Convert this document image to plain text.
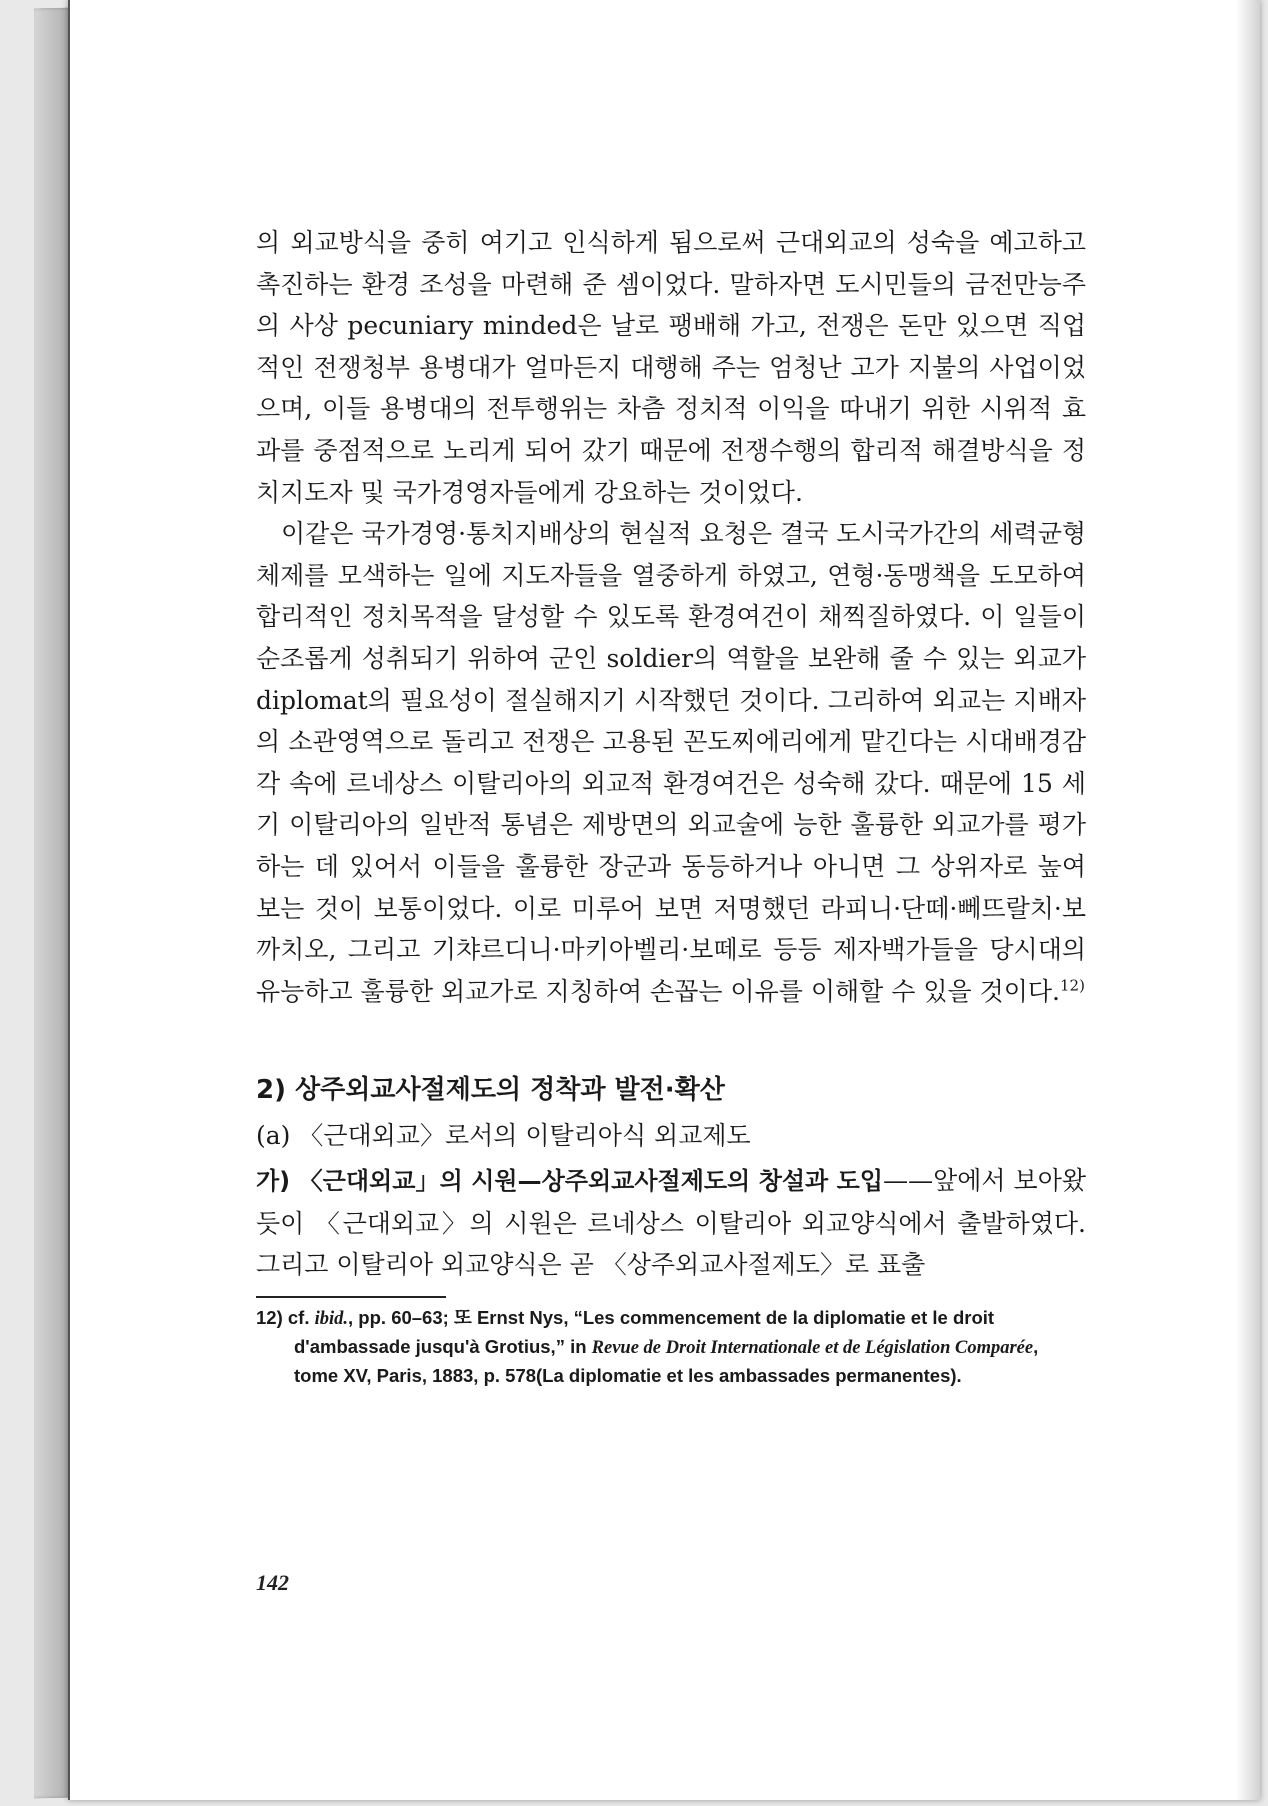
의 외교방식을 중히 여기고 인식하게 됨으로써 근대외교의 성숙을 예고하고 촉진하는 환경 조성을 마련해 준 셈이었다. 말하자면 도시민들의 금전만능주의 사상 pecuniary minded은 날로 팽배해 가고, 전쟁은 돈만 있으면 직업적인 전쟁청부 용병대가 얼마든지 대행해 주는 엄청난 고가 지불의 사업이었으며, 이들 용병대의 전투행위는 차츰 정치적 이익을 따내기 위한 시위적 효과를 중점적으로 노리게 되어 갔기 때문에 전쟁수행의 합리적 해결방식을 정치지도자 및 국가경영자들에게 강요하는 것이었다.

이같은 국가경영·통치지배상의 현실적 요청은 결국 도시국가간의 세력균형체제를 모색하는 일에 지도자들을 열중하게 하였고, 연형·동맹책을 도모하여 합리적인 정치목적을 달성할 수 있도록 환경여건이 채찍질하였다. 이 일들이 순조롭게 성취되기 위하여 군인 soldier의 역할을 보완해 줄 수 있는 외교가 diplomat의 필요성이 절실해지기 시작했던 것이다. 그리하여 외교는 지배자의 소관영역으로 돌리고 전쟁은 고용된 꼰도찌에리에게 맡긴다는 시대배경감각 속에 르네상스 이탈리아의 외교적 환경여건은 성숙해 갔다. 때문에 15 세기 이탈리아의 일반적 통념은 제방면의 외교술에 능한 훌륭한 외교가를 평가하는 데 있어서 이들을 훌륭한 장군과 동등하거나 아니면 그 상위자로 높여 보는 것이 보통이었다. 이로 미루어 보면 저명했던 라피니·단떼·뻬뜨랄치·보까치오, 그리고 기챠르디니·마키아벨리·보떼로 등등 제자백가들을 당시대의 유능하고 훌륭한 외교가로 지칭하여 손꼽는 이유를 이해할 수 있을 것이다.$^{12)}$

2) 상주외교사절제도의 정착과 발전·확산
(a) 〈근대외교〉로서의 이탈리아식 외교제도

가) 〈근대외교」의 시원—상주외교사절제도의 창설과 도입——앞에서 보아왔듯이 〈근대외교〉의 시원은 르네상스 이탈리아 외교양식에서 출발하였다. 그리고 이탈리아 외교양식은 곧 〈상주외교사절제도〉로 표출

12) cf. ibid., pp. 60–63; 또 Ernst Nys, “Les commencement de la diplomatie et le droit d'ambassade jusqu'à Grotius,” in Revue de Droit Internationale et de Législation Comparée, tome XV, Paris, 1883, p. 578(La diplomatie et les ambassades permanentes).

142
